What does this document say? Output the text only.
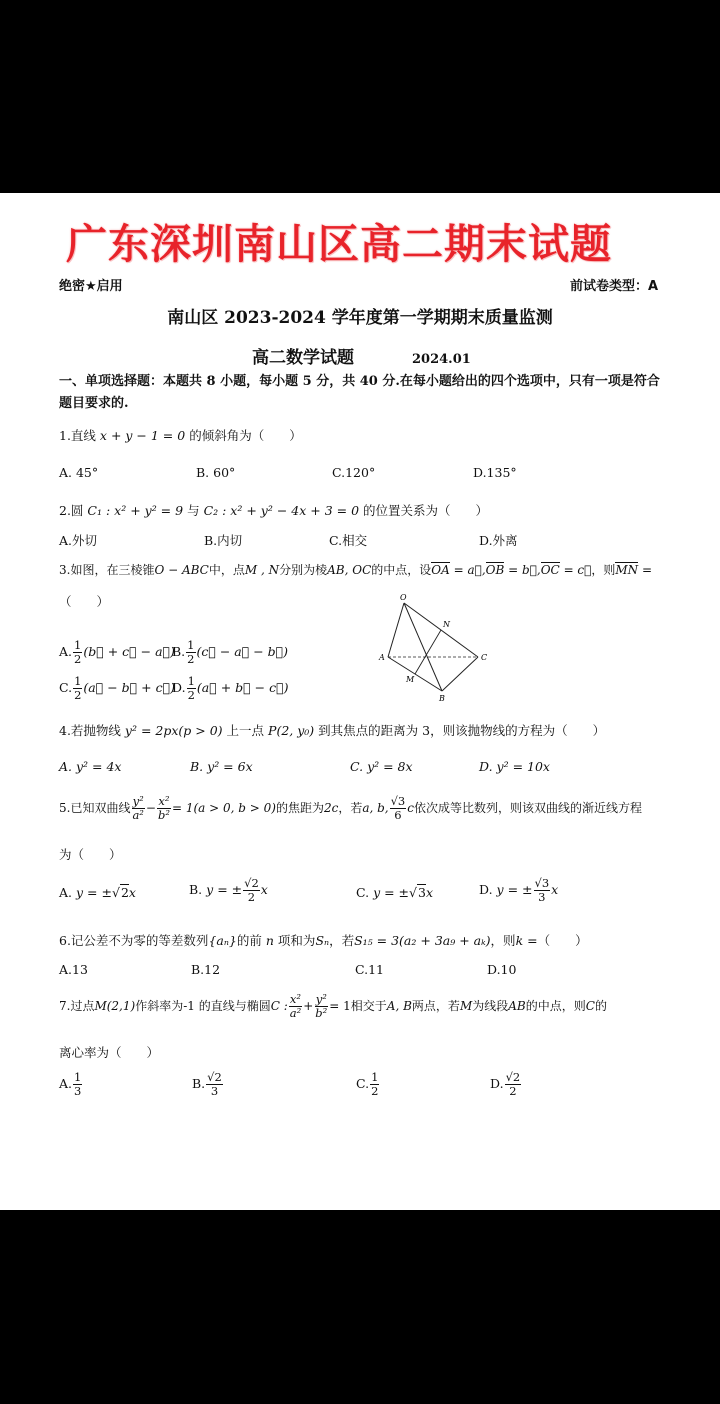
广东深圳南山区高二期末试题
绝密★启用	前试卷类型：A
南山区 2023-2024 学年度第一学期期末质量监测
高二数学试题	2024.01
一、单项选择题：本题共 8 小题，每小题 5 分，共 40 分.在每小题给出的四个选项中，只有一项是符合题目要求的.
1.直线 x + y − 1 = 0 的倾斜角为（　　）
A. 45°	B. 60°	C.120°	D.135°
2.圆 C₁ : x² + y² = 9 与 C₂ : x² + y² − 4x + 3 = 0 的位置关系为（　　）
A.外切	B.内切	C.相交	D.外离
3.如图，在三棱锥O − ABC中，点M , N分别为棱AB, OC的中点，设OA = a⃗,OB = b⃗,OC = c⃗，则MN =
（　　）
A. $\frac{1}{2}$ (b⃗ + c⃗ − a⃗)
B. $\frac{1}{2}$ (c⃗ − a⃗ − b⃗)
C. $\frac{1}{2}$ (a⃗ − b⃗ + c⃗)
D. $\frac{1}{2}$ (a⃗ + b⃗ − c⃗)
O
N
A	C
M
B
4.若抛物线 y² = 2px(p > 0) 上一点 P(2, y₀) 到其焦点的距离为 3，则该抛物线的方程为（　　）
A. y² = 4x	B. y² = 6x	C. y² = 8x	D. y² = 10x
5.已知双曲线 $\frac{\text{y²}}{\text{a²}} - \frac{\text{x²}}{\text{b²}} = 1(a > 0$, b > 0)的焦距为2c，若a, b, $\frac{√3}{6}$ c依次成等比数列，则该双曲线的渐近线方程
为（　　）
A. y = ±√2x	B. y = ± $\frac{√2}{2}$ x	C. y = ±√3x	D. y = ± $\frac{√3}{3}$ x
6.记公差不为零的等差数列{aₙ}的前 n 项和为Sₙ，若S₁₅ = 3(a₂ + 3a₉ + aₖ)，则k =（　　）
A.13	B.12	C.11	D.10
7.过点M(2,1)作斜率为-1 的直线与椭圆C : $\frac{\text{x²}}{\text{a²}} + \frac{\text{y²}}{\text{b²}} = 1$相交于A, B两点，若M为线段AB的中点，则C的
离心率为（　　）
A. $\frac{1}{3}$	B. $\frac{√2}{3}$	C. $\frac{1}{2}$	D. $\frac{√2}{2}$
